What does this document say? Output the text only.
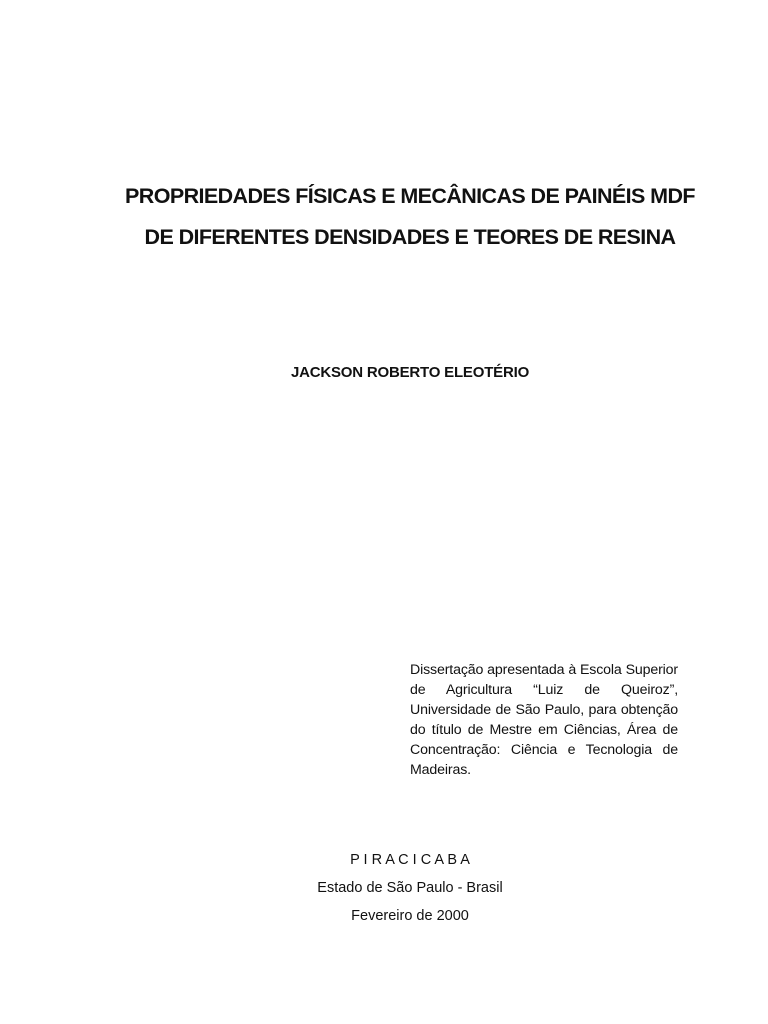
PROPRIEDADES FÍSICAS E MECÂNICAS DE PAINÉIS MDF
DE DIFERENTES DENSIDADES E TEORES DE RESINA

JACKSON ROBERTO ELEOTÉRIO

Dissertação apresentada à Escola Superior de Agricultura “Luiz de Queiroz”, Universidade de São Paulo, para obtenção do título de Mestre em Ciências, Área de Concentração: Ciência e Tecnologia de Madeiras.

P I R A C I C A B A

Estado de São Paulo - Brasil

Fevereiro de 2000
